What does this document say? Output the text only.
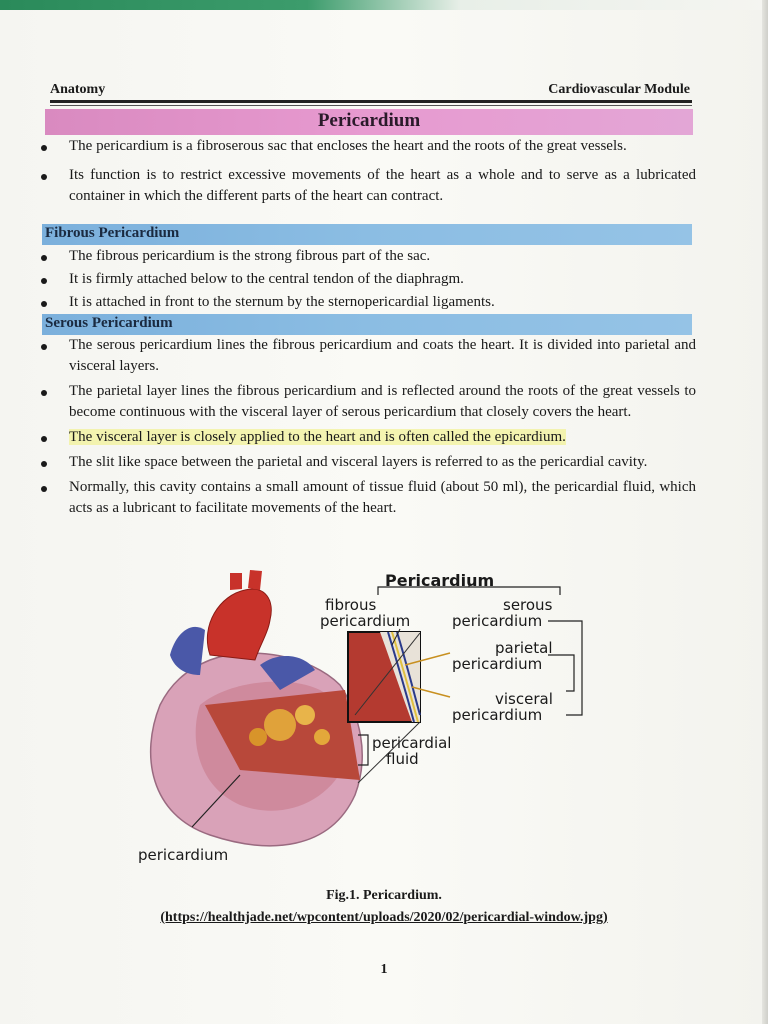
Anatomy	Cardiovascular Module
Pericardium
The pericardium is a fibroserous sac that encloses the heart and the roots of the great vessels.
Its function is to restrict excessive movements of the heart as a whole and to serve as a lubricated container in which the different parts of the heart can contract.
Fibrous Pericardium
The fibrous pericardium is the strong fibrous part of the sac.
It is firmly attached below to the central tendon of the diaphragm.
It is attached in front to the sternum by the sternopericardial ligaments.
Serous Pericardium
The serous pericardium lines the fibrous pericardium and coats the heart. It is divided into parietal and visceral layers.
The parietal layer lines the fibrous pericardium and is reflected around the roots of the great vessels to become continuous with the visceral layer of serous pericardium that closely covers the heart.
The visceral layer is closely applied to the heart and is often called the epicardium.
The slit like space between the parietal and visceral layers is referred to as the pericardial cavity.
Normally, this cavity contains a small amount of tissue fluid (about 50 ml), the pericardial fluid, which acts as a lubricant to facilitate movements of the heart.
Pericardium
fibrous
pericardium
serous
pericardium
parietal
pericardium
visceral
pericardium
pericardial
fluid
pericardium
Fig.1. Pericardium.
(https://healthjade.net/wpcontent/uploads/2020/02/pericardial-window.jpg)
1
